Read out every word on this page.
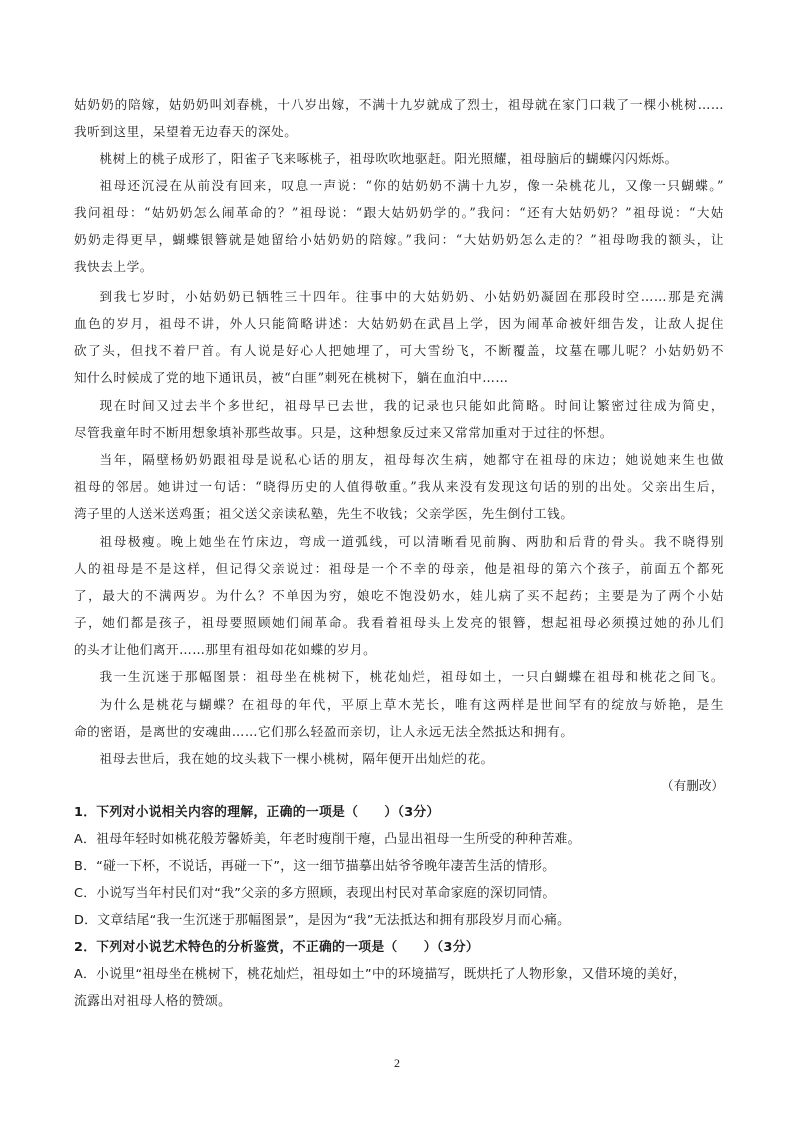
姑奶奶的陪嫁，姑奶奶叫刘春桃，十八岁出嫁，不满十九岁就成了烈士，祖母就在家门口栽了一棵小桃树……
我听到这里，呆望着无边春天的深处。
桃树上的桃子成形了，阳雀子飞来啄桃子，祖母吹吹地驱赶。阳光照耀，祖母脑后的蝴蝶闪闪烁烁。
祖母还沉浸在从前没有回来，叹息一声说：“你的姑奶奶不满十九岁，像一朵桃花儿，又像一只蝴蝶。”
我问祖母：“姑奶奶怎么闹革命的？”祖母说：“跟大姑奶奶学的。”我问：“还有大姑奶奶？”祖母说：“大姑
奶奶走得更早，蝴蝶银簪就是她留给小姑奶奶的陪嫁。”我问：“大姑奶奶怎么走的？”祖母吻我的额头，让
我快去上学。
到我七岁时，小姑奶奶已牺牲三十四年。往事中的大姑奶奶、小姑奶奶凝固在那段时空……那是充满
血色的岁月，祖母不讲，外人只能简略讲述：大姑奶奶在武昌上学，因为闹革命被奸细告发，让敌人捉住
砍了头，但找不着尸首。有人说是好心人把她埋了，可大雪纷飞，不断覆盖，坟墓在哪儿呢？小姑奶奶不
知什么时候成了党的地下通讯员，被“白匪”刺死在桃树下，躺在血泊中……
现在时间又过去半个多世纪，祖母早已去世，我的记录也只能如此简略。时间让繁密过往成为简史，
尽管我童年时不断用想象填补那些故事。只是，这种想象反过来又常常加重对于过往的怀想。
当年，隔壁杨奶奶跟祖母是说私心话的朋友，祖母每次生病，她都守在祖母的床边；她说她来生也做
祖母的邻居。她讲过一句话：“晓得历史的人值得敬重。”我从来没有发现这句话的别的出处。父亲出生后，
湾子里的人送米送鸡蛋；祖父送父亲读私塾，先生不收钱；父亲学医，先生倒付工钱。
祖母极瘦。晚上她坐在竹床边，弯成一道弧线，可以清晰看见前胸、两肋和后背的骨头。我不晓得别
人的祖母是不是这样，但记得父亲说过：祖母是一个不幸的母亲，他是祖母的第六个孩子，前面五个都死
了，最大的不满两岁。为什么？不单因为穷，娘吃不饱没奶水，娃儿病了买不起药；主要是为了两个小姑
子，她们都是孩子，祖母要照顾她们闹革命。我看着祖母头上发亮的银簪，想起祖母必须摸过她的孙儿们
的头才让他们离开……那里有祖母如花如蝶的岁月。
我一生沉迷于那幅图景：祖母坐在桃树下，桃花灿烂，祖母如土，一只白蝴蝶在祖母和桃花之间飞。
为什么是桃花与蝴蝶？在祖母的年代，平原上草木芜长，唯有这两样是世间罕有的绽放与娇艳，是生
命的密语，是离世的安魂曲……它们那么轻盈而亲切，让人永远无法全然抵达和拥有。
祖母去世后，我在她的坟头栽下一棵小桃树，隔年便开出灿烂的花。
（有删改）
1．下列对小说相关内容的理解，正确的一项是（　　）（3分）
A．祖母年轻时如桃花般芳馨娇美，年老时瘦削干瘪，凸显出祖母一生所受的种种苦难。
B．“碰一下杯，不说话，再碰一下”，这一细节描摹出姑爷爷晚年凄苦生活的情形。
C．小说写当年村民们对“我”父亲的多方照顾，表现出村民对革命家庭的深切同情。
D．文章结尾“我一生沉迷于那幅图景”，是因为“我”无法抵达和拥有那段岁月而心痛。
2．下列对小说艺术特色的分析鉴赏，不正确的一项是（　　）（3分）
A．小说里“祖母坐在桃树下，桃花灿烂，祖母如土”中的环境描写，既烘托了人物形象，又借环境的美好，
流露出对祖母人格的赞颂。
2
